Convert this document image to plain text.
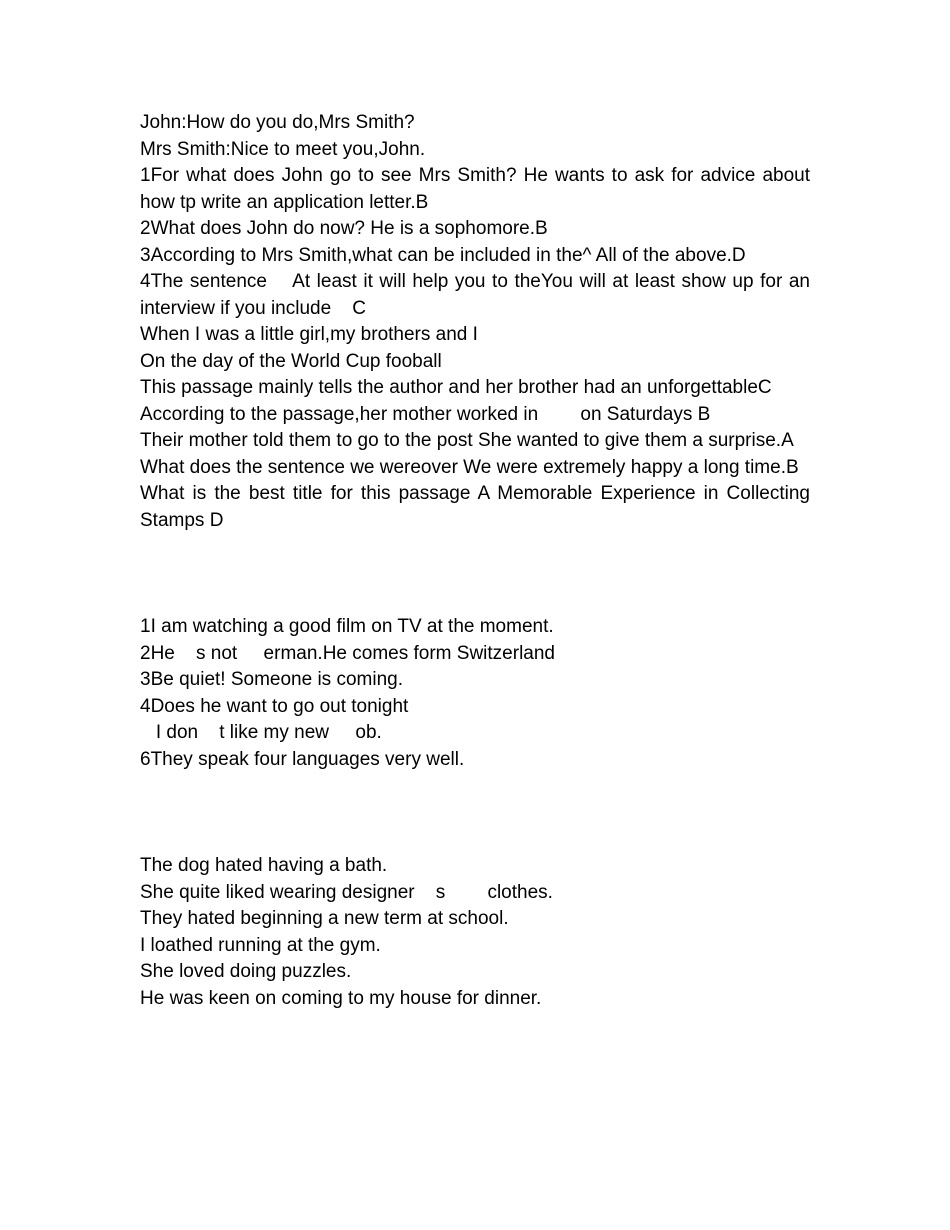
John:How do you do,Mrs Smith?
Mrs Smith:Nice to meet you,John.
1For what does John go to see Mrs Smith? He wants to ask for advice about how tp write an application letter.B
2What does John do now? He is a sophomore.B
3According to Mrs Smith,what can be included in the^ All of the above.D
4The sentence    At least it will help you to theYou will at least show up for an interview if you include    C
When I was a little girl,my brothers and I
On the day of the World Cup fooball
This passage mainly tells the author and her brother had an unforgettableC
According to the passage,her mother worked in        on Saturdays B
Their mother told them to go to the post She wanted to give them a surprise.A
What does the sentence we wereover We were extremely happy a long time.B
What is the best title for this passage A Memorable Experience in Collecting Stamps D
1I am watching a good film on TV at the moment.
2He    s not     erman.He comes form Switzerland
3Be quiet! Someone is coming.
4Does he want to go out tonight
I don    t like my new     ob.
6They speak four languages very well.
The dog hated having a bath.
She quite liked wearing designer    s        clothes.
They hated beginning a new term at school.
I loathed running at the gym.
She loved doing puzzles.
He was keen on coming to my house for dinner.
